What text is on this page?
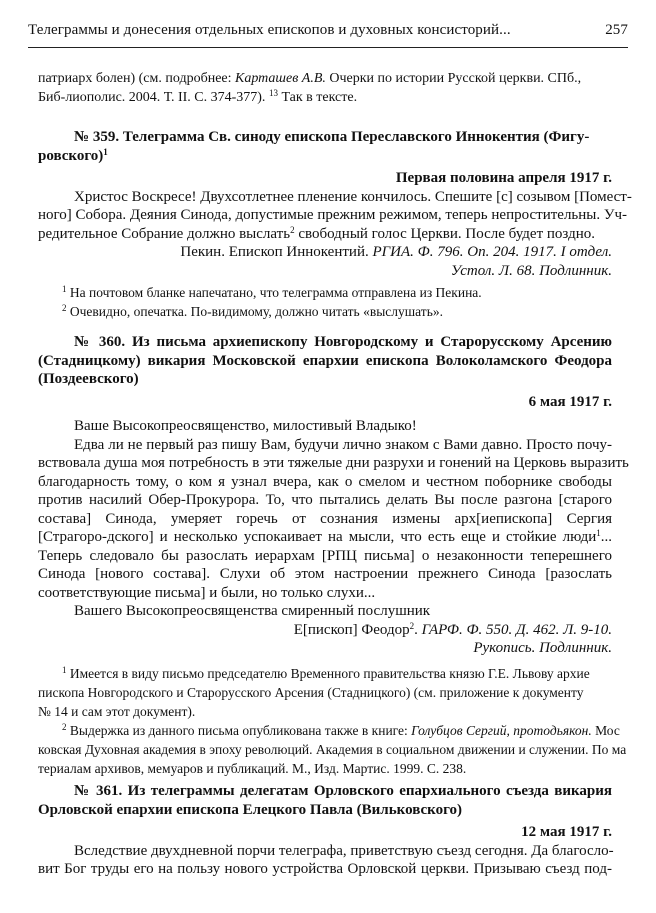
Телеграммы и донесения отдельных епископов и духовных консисторий...	257
патриарх болен) (см. подробнее: Карташев А.В. Очерки по истории Русской церкви. СПб.,
Биб-лиополис. 2004. Т. II. С. 374-377). $^{13}$ Так в тексте.
№ 359. Телеграмма Св. синоду епископа Переславского Иннокентия (Фигу-
ровского)$^1$
Первая половина апреля 1917 г.
Христос Воскресе! Двухсотлетнее пленение кончилось. Спешите [с] созывом [Помест-
ного] Собора. Деяния Синода, допустимые прежним режимом, теперь непростительны. Уч-
редительное Собрание должно выслать$^2$ свободный голос Церкви. После будет поздно.
Пекин. Епископ Иннокентий. РГИА. Ф. 796. Оп. 204. 1917. I отдел.
Устол. Л. 68. Подлинник.
$^1$ На почтовом бланке напечатано, что телеграмма отправлена из Пекина.
$^2$ Очевидно, опечатка. По-видимому, должно читать «выслушать».
№ 360. Из письма архиепископу Новгородскому и Старорусскому Арсению
(Стадницкому) викария Московской епархии епископа Волоколамского Феодора
(Поздеевского)
6 мая 1917 г.
Ваше Высокопреосвященство, милостивый Владыко!
Едва ли не первый раз пишу Вам, будучи лично знаком с Вами давно. Просто почу-
вствовала душа моя потребность в эти тяжелые дни разрухи и гонений на Церковь выразить
благодарность тому, о ком я узнал вчера, как о смелом и честном поборнике свободы
против насилий Обер-Прокурора. То, что пытались делать Вы после разгона [старого
состава] Синода, умеряет горечь от сознания измены арх[иепископа] Сергия
[Страгоро-дского] и несколько успокаивает на мысли, что есть еще и стойкие люди$^1$...
Теперь следовало бы разослать иерархам [РПЦ письма] о незаконности теперешнего
Синода [нового состава]. Слухи об этом настроении прежнего Синода [разослать
соответствующие письма] и были, но только слухи...
Вашего Высокопреосвященства смиренный послушник
Е[пископ] Феодор$^2$. ГАРФ. Ф. 550. Д. 462. Л. 9-10.
Рукопись. Подлинник.
$^1$ Имеется в виду письмо председателю Временного правительства князю Г.Е. Львову архие
пископа Новгородского и Старорусского Арсения (Стадницкого) (см. приложение к документу
№ 14 и сам этот документ).
$^2$ Выдержка из данного письма опубликована также в книге: Голубцов Сергий, протодьякон. Мос
ковская Духовная академия в эпоху революций. Академия в социальном движении и служении. По ма
териалам архивов, мемуаров и публикаций. М., Изд. Мартис. 1999. С. 238.
№ 361. Из телеграммы делегатам Орловского епархиального съезда викария
Орловской епархии епископа Елецкого Павла (Вильковского)
12 мая 1917 г.
Вследствие двухдневной порчи телеграфа, приветствую съезд сегодня. Да благосло-
вит Бог труды его на пользу нового устройства Орловской церкви. Призываю съезд под-
